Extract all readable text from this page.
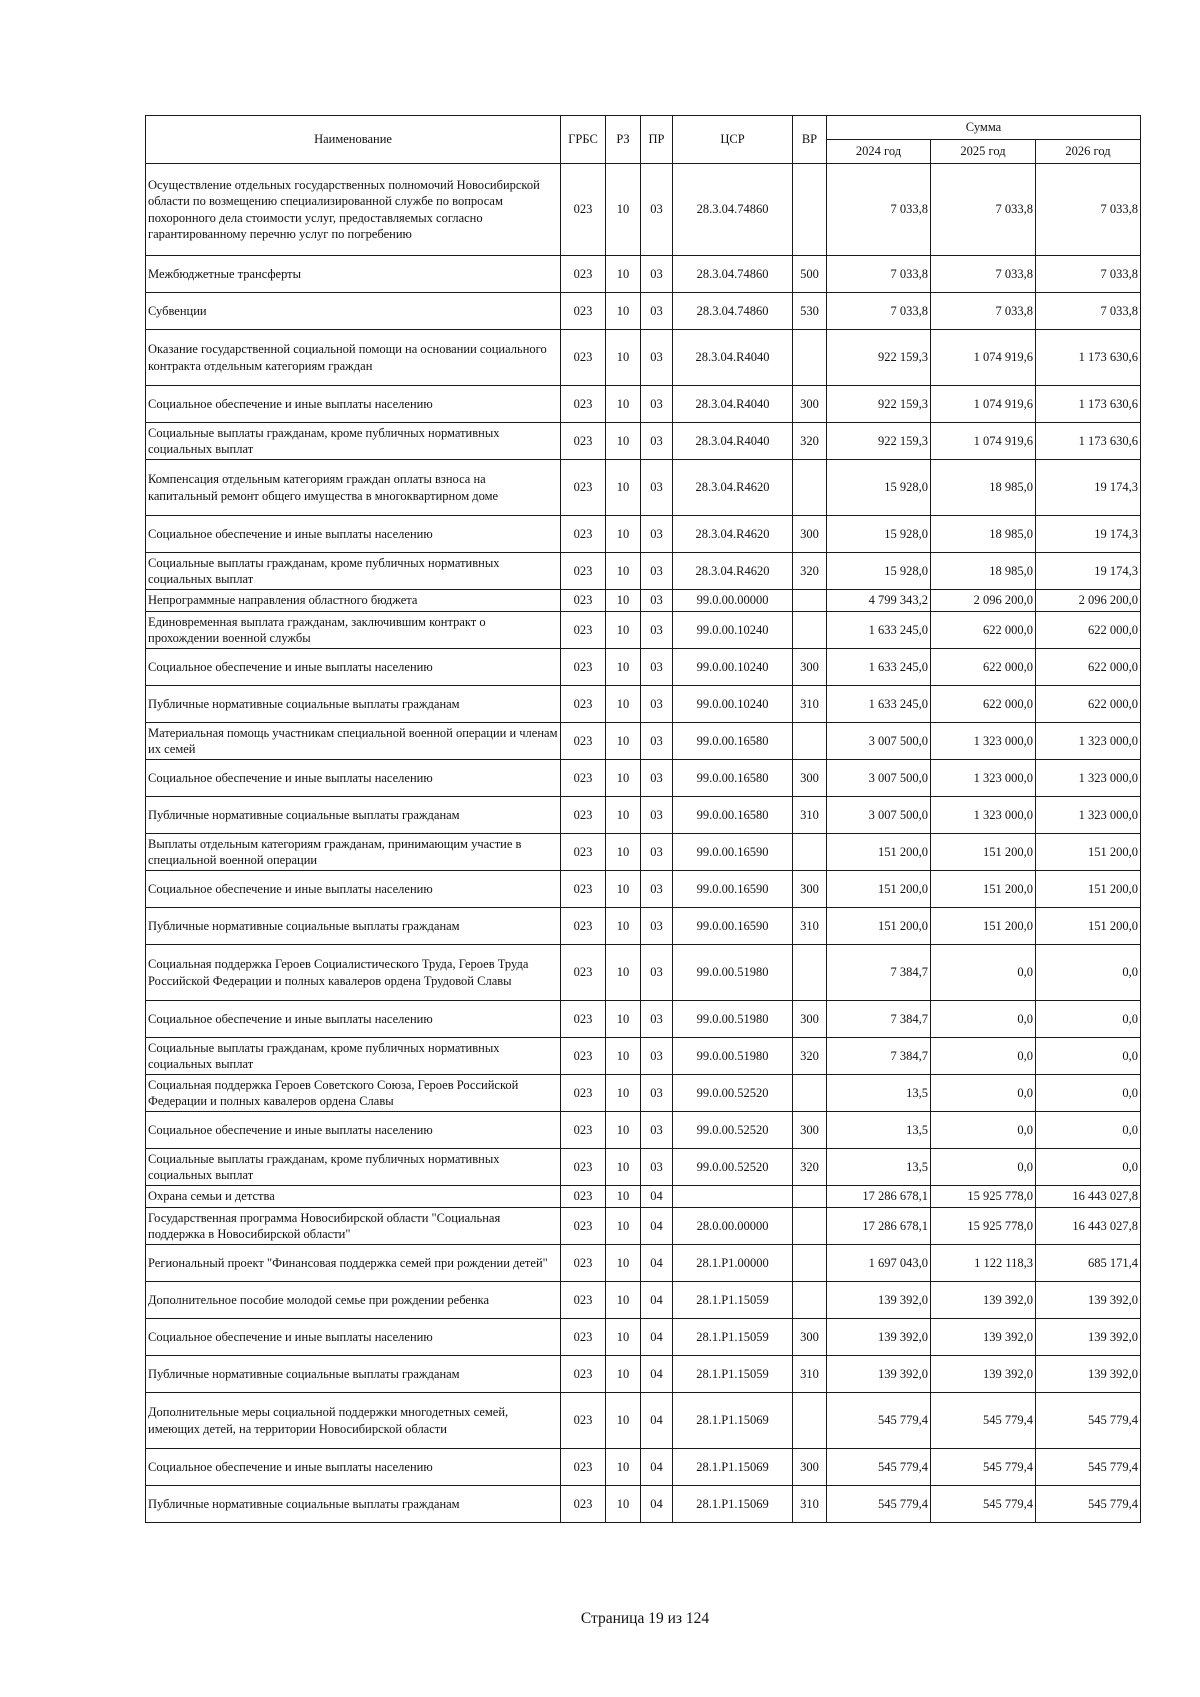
Наименование	ГРБС	РЗ	ПР	ЦСР	ВР	Сумма		
						2024 год	2025 год	2026 год
Осуществление отдельных государственных полномочий Новосибирской области по возмещению специализированной службе по вопросам похоронного дела стоимости услуг, предоставляемых согласно гарантированному перечню услуг по погребению	023	10	03	28.3.04.74860		7 033,8	7 033,8	7 033,8
Межбюджетные трансферты	023	10	03	28.3.04.74860	500	7 033,8	7 033,8	7 033,8
Субвенции	023	10	03	28.3.04.74860	530	7 033,8	7 033,8	7 033,8
Оказание государственной социальной помощи на основании социального контракта отдельным категориям граждан	023	10	03	28.3.04.R4040		922 159,3	1 074 919,6	1 173 630,6
Социальное обеспечение и иные выплаты населению	023	10	03	28.3.04.R4040	300	922 159,3	1 074 919,6	1 173 630,6
Социальные выплаты гражданам, кроме публичных нормативных социальных выплат	023	10	03	28.3.04.R4040	320	922 159,3	1 074 919,6	1 173 630,6
Компенсация отдельным категориям граждан оплаты взноса на капитальный ремонт общего имущества в многоквартирном доме	023	10	03	28.3.04.R4620		15 928,0	18 985,0	19 174,3
Социальное обеспечение и иные выплаты населению	023	10	03	28.3.04.R4620	300	15 928,0	18 985,0	19 174,3
Социальные выплаты гражданам, кроме публичных нормативных социальных выплат	023	10	03	28.3.04.R4620	320	15 928,0	18 985,0	19 174,3
Непрограммные направления областного бюджета	023	10	03	99.0.00.00000		4 799 343,2	2 096 200,0	2 096 200,0
Единовременная выплата гражданам, заключившим контракт о прохождении военной службы	023	10	03	99.0.00.10240		1 633 245,0	622 000,0	622 000,0
Социальное обеспечение и иные выплаты населению	023	10	03	99.0.00.10240	300	1 633 245,0	622 000,0	622 000,0
Публичные нормативные социальные выплаты гражданам	023	10	03	99.0.00.10240	310	1 633 245,0	622 000,0	622 000,0
Материальная помощь участникам специальной военной операции и членам их семей	023	10	03	99.0.00.16580		3 007 500,0	1 323 000,0	1 323 000,0
Социальное обеспечение и иные выплаты населению	023	10	03	99.0.00.16580	300	3 007 500,0	1 323 000,0	1 323 000,0
Публичные нормативные социальные выплаты гражданам	023	10	03	99.0.00.16580	310	3 007 500,0	1 323 000,0	1 323 000,0
Выплаты отдельным категориям гражданам, принимающим участие в специальной военной операции	023	10	03	99.0.00.16590		151 200,0	151 200,0	151 200,0
Социальное обеспечение и иные выплаты населению	023	10	03	99.0.00.16590	300	151 200,0	151 200,0	151 200,0
Публичные нормативные социальные выплаты гражданам	023	10	03	99.0.00.16590	310	151 200,0	151 200,0	151 200,0
Социальная поддержка Героев Социалистического Труда, Героев Труда Российской Федерации и полных кавалеров ордена Трудовой Славы	023	10	03	99.0.00.51980		7 384,7	0,0	0,0
Социальное обеспечение и иные выплаты населению	023	10	03	99.0.00.51980	300	7 384,7	0,0	0,0
Социальные выплаты гражданам, кроме публичных нормативных социальных выплат	023	10	03	99.0.00.51980	320	7 384,7	0,0	0,0
Социальная поддержка Героев Советского Союза, Героев Российской Федерации и полных кавалеров ордена Славы	023	10	03	99.0.00.52520		13,5	0,0	0,0
Социальное обеспечение и иные выплаты населению	023	10	03	99.0.00.52520	300	13,5	0,0	0,0
Социальные выплаты гражданам, кроме публичных нормативных социальных выплат	023	10	03	99.0.00.52520	320	13,5	0,0	0,0
Охрана семьи и детства	023	10	04			17 286 678,1	15 925 778,0	16 443 027,8
Государственная программа Новосибирской области "Социальная поддержка в Новосибирской области"	023	10	04	28.0.00.00000		17 286 678,1	15 925 778,0	16 443 027,8
Региональный проект "Финансовая поддержка семей при рождении детей"	023	10	04	28.1.P1.00000		1 697 043,0	1 122 118,3	685 171,4
Дополнительное пособие молодой семье при рождении ребенка	023	10	04	28.1.P1.15059		139 392,0	139 392,0	139 392,0
Социальное обеспечение и иные выплаты населению	023	10	04	28.1.P1.15059	300	139 392,0	139 392,0	139 392,0
Публичные нормативные социальные выплаты гражданам	023	10	04	28.1.P1.15059	310	139 392,0	139 392,0	139 392,0
Дополнительные меры социальной поддержки многодетных семей, имеющих детей, на территории Новосибирской области	023	10	04	28.1.P1.15069		545 779,4	545 779,4	545 779,4
Социальное обеспечение и иные выплаты населению	023	10	04	28.1.P1.15069	300	545 779,4	545 779,4	545 779,4
Публичные нормативные социальные выплаты гражданам	023	10	04	28.1.P1.15069	310	545 779,4	545 779,4	545 779,4
Страница 19 из 124
